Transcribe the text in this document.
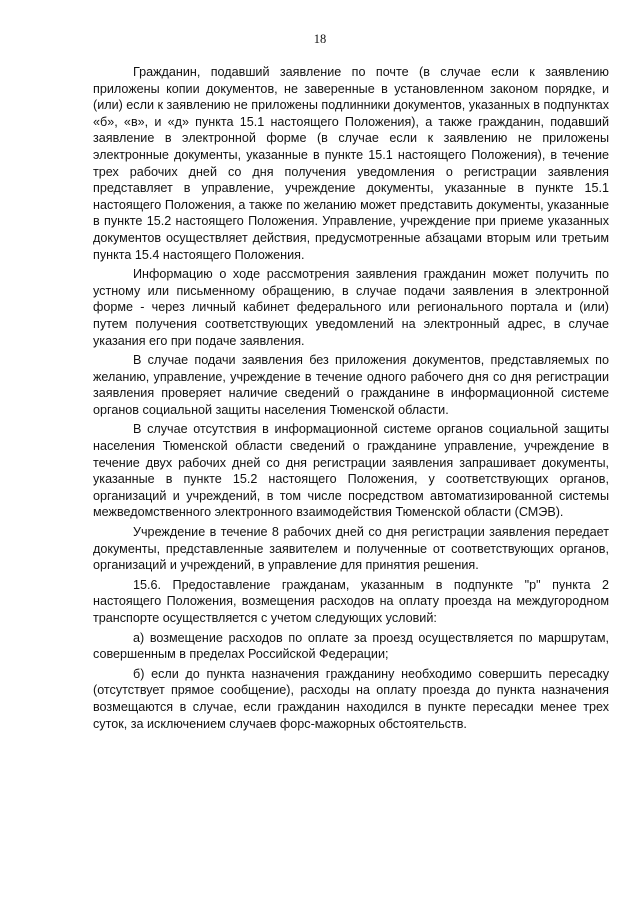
18

Гражданин, подавший заявление по почте (в случае если к заявлению приложены копии документов, не заверенные в установленном законом порядке, и (или) если к заявлению не приложены подлинники документов, указанных в подпунктах «б», «в», и «д» пункта 15.1 настоящего Положения), а также гражданин, подавший заявление в электронной форме (в случае если к заявлению не приложены электронные документы, указанные в пункте 15.1 настоящего Положения), в течение трех рабочих дней со дня получения уведомления о регистрации заявления представляет в управление, учреждение документы, указанные в пункте 15.1 настоящего Положения, а также по желанию может представить документы, указанные в пункте 15.2 настоящего Положения. Управление, учреждение при приеме указанных документов осуществляет действия, предусмотренные абзацами вторым или третьим пункта 15.4 настоящего Положения.

Информацию о ходе рассмотрения заявления гражданин может получить по устному или письменному обращению, в случае подачи заявления в электронной форме - через личный кабинет федерального или регионального портала и (или) путем получения соответствующих уведомлений на электронный адрес, в случае указания его при подаче заявления.

В случае подачи заявления без приложения документов, представляемых по желанию, управление, учреждение в течение одного рабочего дня со дня регистрации заявления проверяет наличие сведений о гражданине в информационной системе органов социальной защиты населения Тюменской области.

В случае отсутствия в информационной системе органов социальной защиты населения Тюменской области сведений о гражданине управление, учреждение в течение двух рабочих дней со дня регистрации заявления запрашивает документы, указанные в пункте 15.2 настоящего Положения, у соответствующих органов, организаций и учреждений, в том числе посредством автоматизированной системы межведомственного электронного взаимодействия Тюменской области (СМЭВ).

Учреждение в течение 8 рабочих дней со дня регистрации заявления передает документы, представленные заявителем и полученные от соответствующих органов, организаций и учреждений, в управление для принятия решения.

15.6. Предоставление гражданам, указанным в подпункте "р" пункта 2 настоящего Положения, возмещения расходов на оплату проезда на междугородном транспорте осуществляется с учетом следующих условий:

а) возмещение расходов по оплате за проезд осуществляется по маршрутам, совершенным в пределах Российской Федерации;

б) если до пункта назначения гражданину необходимо совершить пересадку (отсутствует прямое сообщение), расходы на оплату проезда до пункта назначения возмещаются в случае, если гражданин находился в пункте пересадки менее трех суток, за исключением случаев форс-мажорных обстоятельств.
